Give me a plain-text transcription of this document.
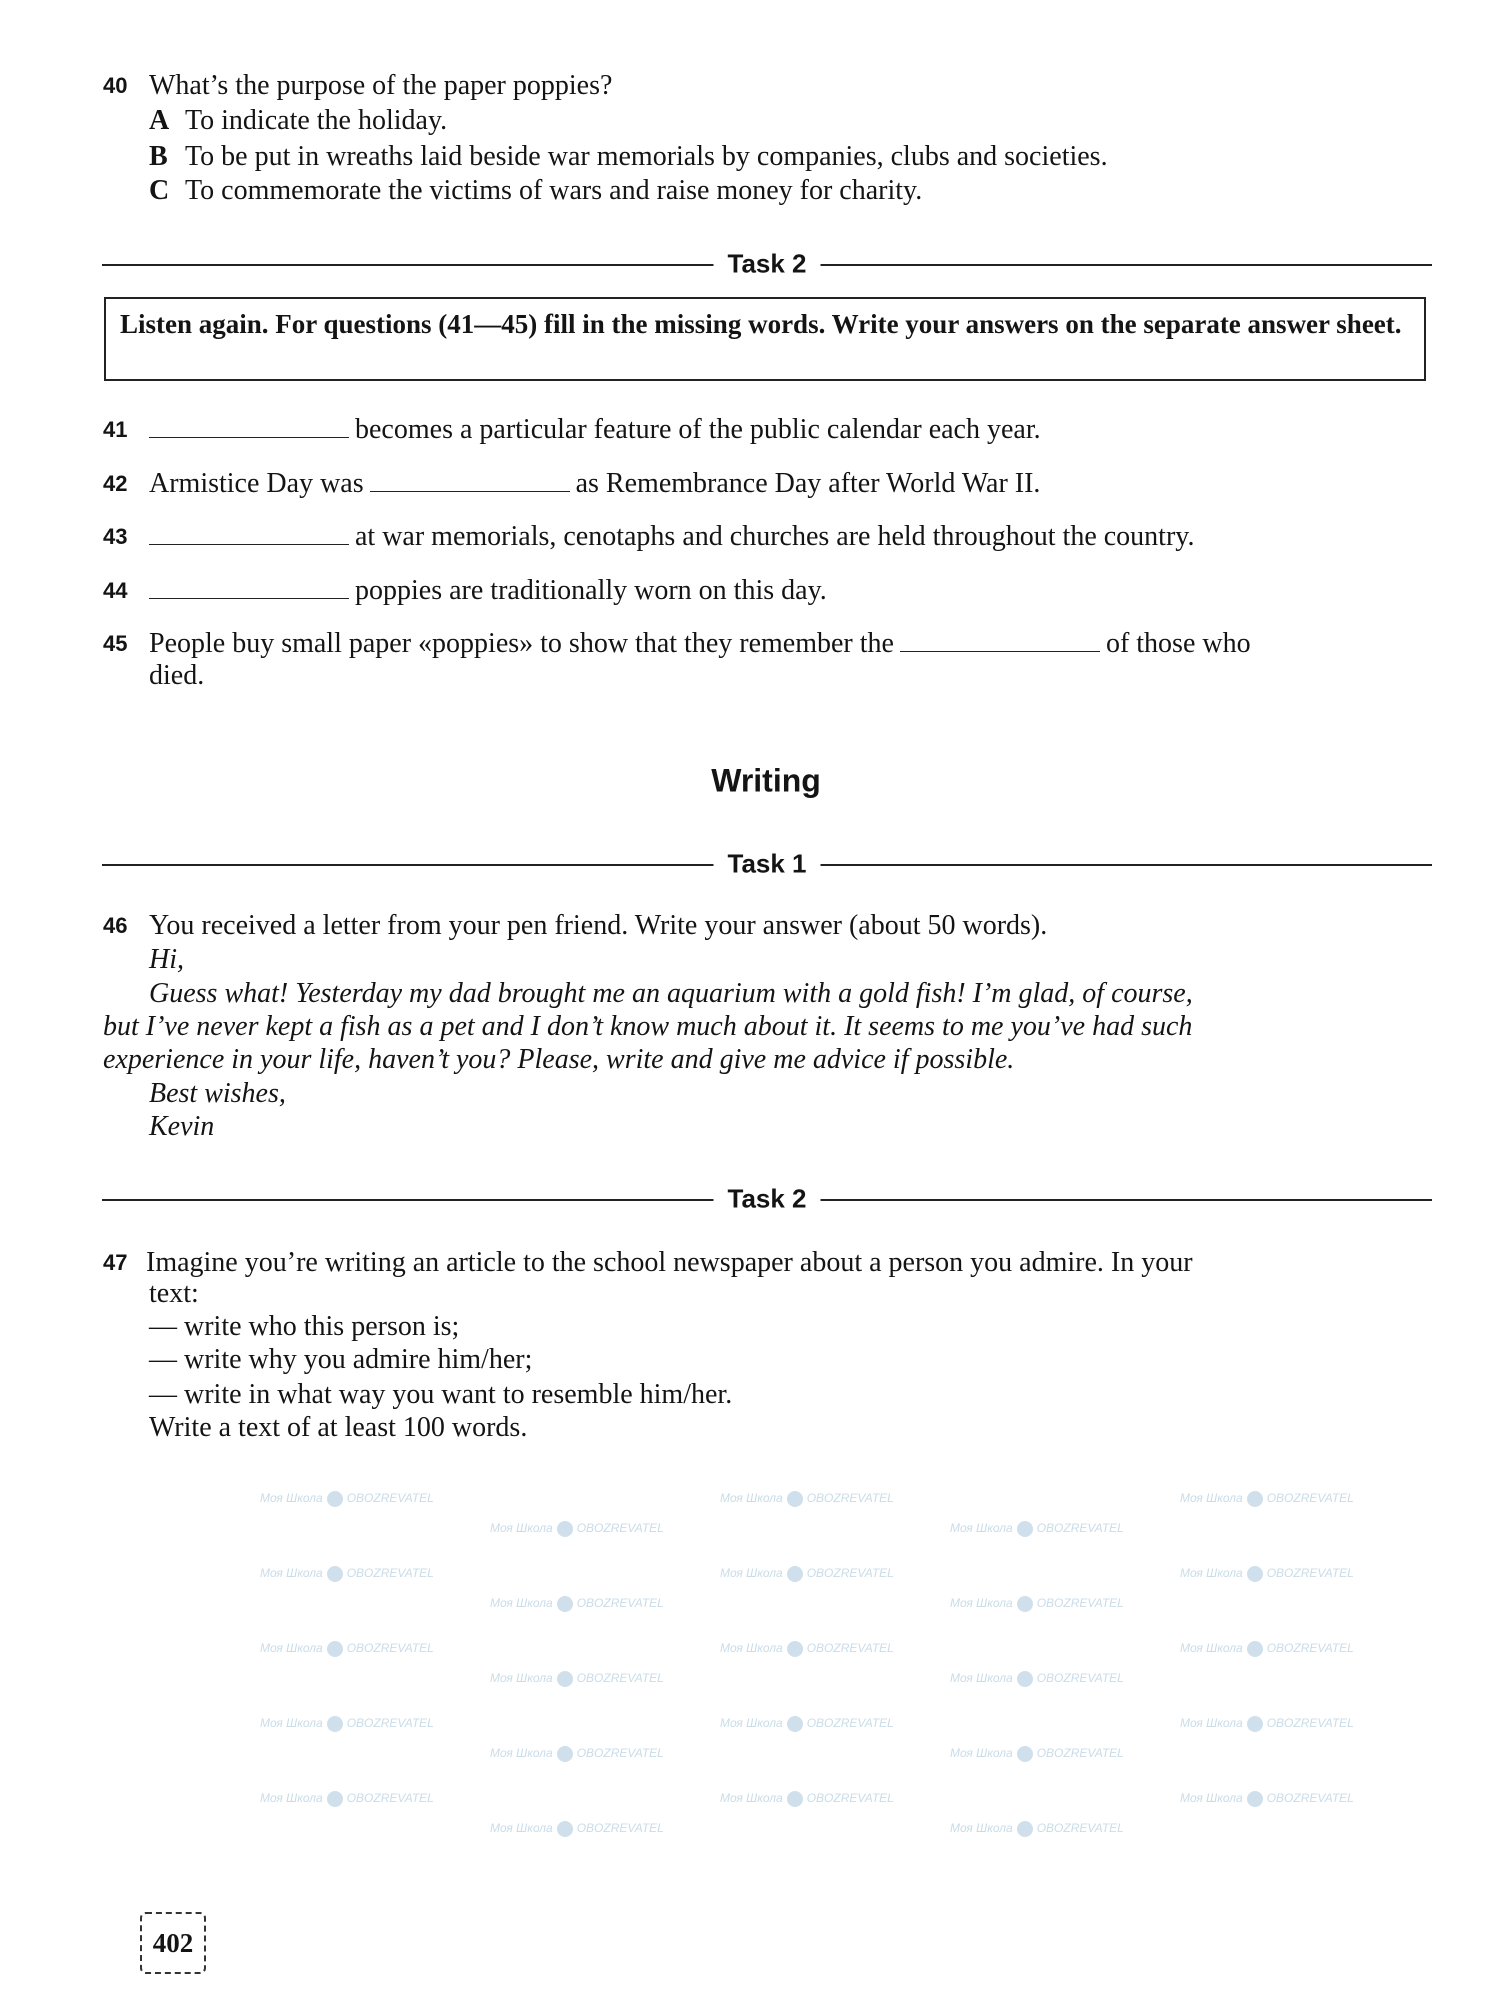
Моя Школа OBOZREVATEL
Моя Школа OBOZREVATEL
Моя Школа OBOZREVATEL
Моя Школа OBOZREVATEL
Моя Школа OBOZREVATEL
Моя Школа OBOZREVATEL
Моя Школа OBOZREVATEL
Моя Школа OBOZREVATEL
Моя Школа OBOZREVATEL
Моя Школа OBOZREVATEL
Моя Школа OBOZREVATEL
Моя Школа OBOZREVATEL
Моя Школа OBOZREVATEL
Моя Школа OBOZREVATEL
Моя Школа OBOZREVATEL
Моя Школа OBOZREVATEL
Моя Школа OBOZREVATEL
Моя Школа OBOZREVATEL
Моя Школа OBOZREVATEL
Моя Школа OBOZREVATEL
Моя Школа OBOZREVATEL
Моя Школа OBOZREVATEL
Моя Школа OBOZREVATEL
Моя Школа OBOZREVATEL
Моя Школа OBOZREVATEL
40 What’s the purpose of the paper poppies?
A To indicate the holiday.
B To be put in wreaths laid beside war memorials by companies, clubs and societies.
C To commemorate the victims of wars and raise money for charity.
Task 2
Listen again. For questions (41—45) fill in the missing words. Write your answers on the separate answer sheet.
41	becomes a particular feature of the public calendar each year.
42 Armistice Day was	as Remembrance Day after World War II.
43	at war memorials, cenotaphs and churches are held throughout the country.
44	poppies are traditionally worn on this day.
45 People buy small paper «poppies» to show that they remember the	of those who
died.
Writing
Task 1
46 You received a letter from your pen friend. Write your answer (about 50 words).
Hi,
Guess what! Yesterday my dad brought me an aquarium with a gold fish! I’m glad, of course,
but I’ve never kept a fish as a pet and I don’t know much about it. It seems to me you’ve had such
experience in your life, haven’t you? Please, write and give me advice if possible.
Best wishes,
Kevin
Task 2
47 Imagine you’re writing an article to the school newspaper about a person you admire. In your
text:
— write who this person is;
— write why you admire him/her;
— write in what way you want to resemble him/her.
Write a text of at least 100 words.
402
